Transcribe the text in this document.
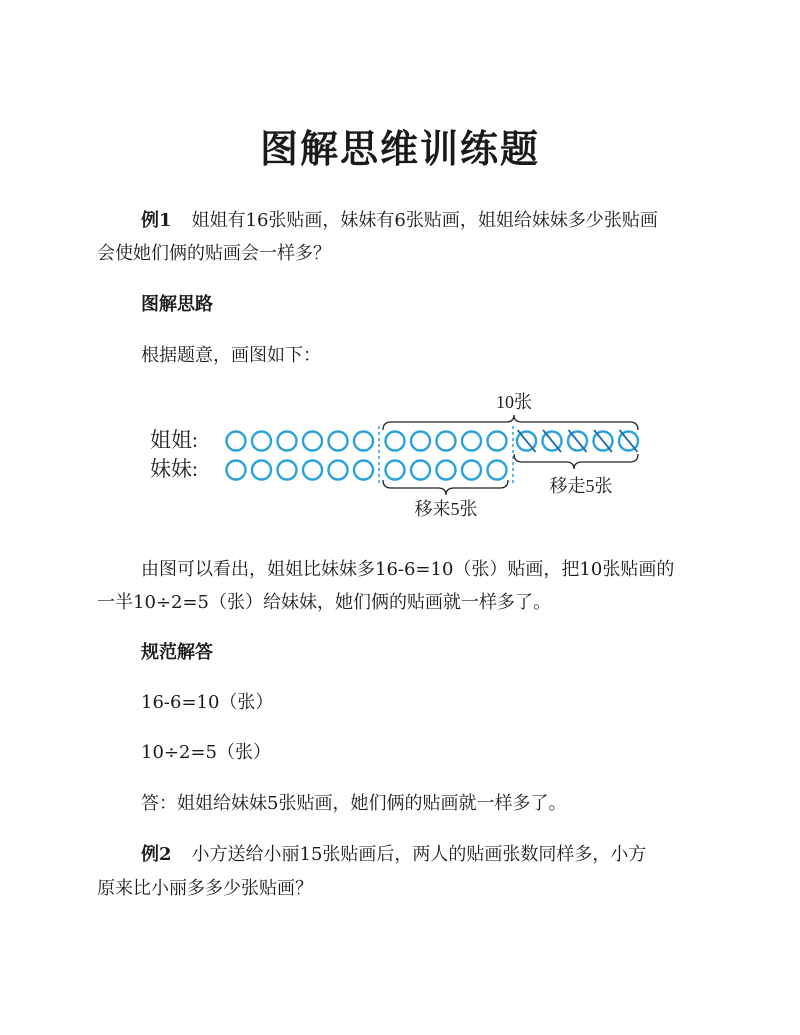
图解思维训练题
例1 姐姐有16张贴画，妹妹有6张贴画，姐姐给妹妹多少张贴画
会使她们俩的贴画会一样多？
图解思路
根据题意，画图如下：
10张
移来5张
移走5张
姐姐:
妹妹:
由图可以看出，姐姐比妹妹多16-6=10（张）贴画，把10张贴画的
一半10÷2=5（张）给妹妹，她们俩的贴画就一样多了。
规范解答
16-6=10（张）
10÷2=5（张）
答：姐姐给妹妹5张贴画，她们俩的贴画就一样多了。
例2 小方送给小丽15张贴画后，两人的贴画张数同样多，小方
原来比小丽多多少张贴画？
